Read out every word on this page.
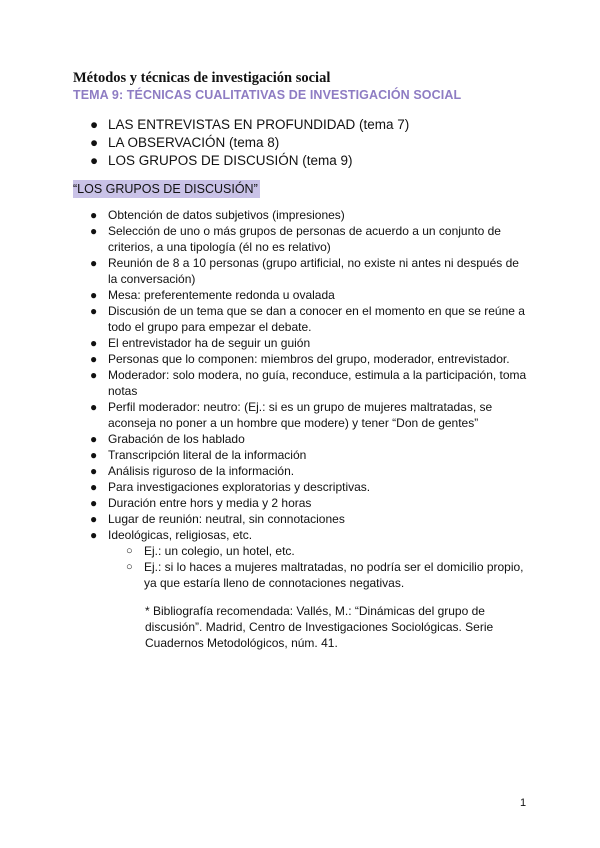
Métodos y técnicas de investigación social
TEMA 9: TÉCNICAS CUALITATIVAS DE INVESTIGACIÓN SOCIAL
● LAS ENTREVISTAS EN PROFUNDIDAD (tema 7)
● LA OBSERVACIÓN (tema 8)
● LOS GRUPOS DE DISCUSIÓN (tema 9)
“LOS GRUPOS DE DISCUSIÓN”
● Obtención de datos subjetivos (impresiones)
● Selección de uno o más grupos de personas de acuerdo a un conjunto de criterios, a una tipología (él no es relativo)
● Reunión de 8 a 10 personas (grupo artificial, no existe ni antes ni después de la conversación)
● Mesa: preferentemente redonda u ovalada
● Discusión de un tema que se dan a conocer en el momento en que se reúne a todo el grupo para empezar el debate.
● El entrevistador ha de seguir un guión
● Personas que lo componen: miembros del grupo, moderador, entrevistador.
● Moderador: solo modera, no guía, reconduce, estimula a la participación, toma notas
● Perfil moderador: neutro: (Ej.: si es un grupo de mujeres maltratadas, se aconseja no poner a un hombre que modere) y tener “Don de gentes”
● Grabación de los hablado
● Transcripción literal de la información
● Análisis riguroso de la información.
● Para investigaciones exploratorias y descriptivas.
● Duración entre hors y media y 2 horas
● Lugar de reunión: neutral, sin connotaciones
● Ideológicas, religiosas, etc.
○ Ej.: un colegio, un hotel, etc.
○ Ej.: si lo haces a mujeres maltratadas, no podría ser el domicilio propio, ya que estaría lleno de connotaciones negativas.
* Bibliografía recomendada: Vallés, M.: “Dinámicas del grupo de discusión”. Madrid, Centro de Investigaciones Sociológicas. Serie Cuadernos Metodológicos, núm. 41.
1
